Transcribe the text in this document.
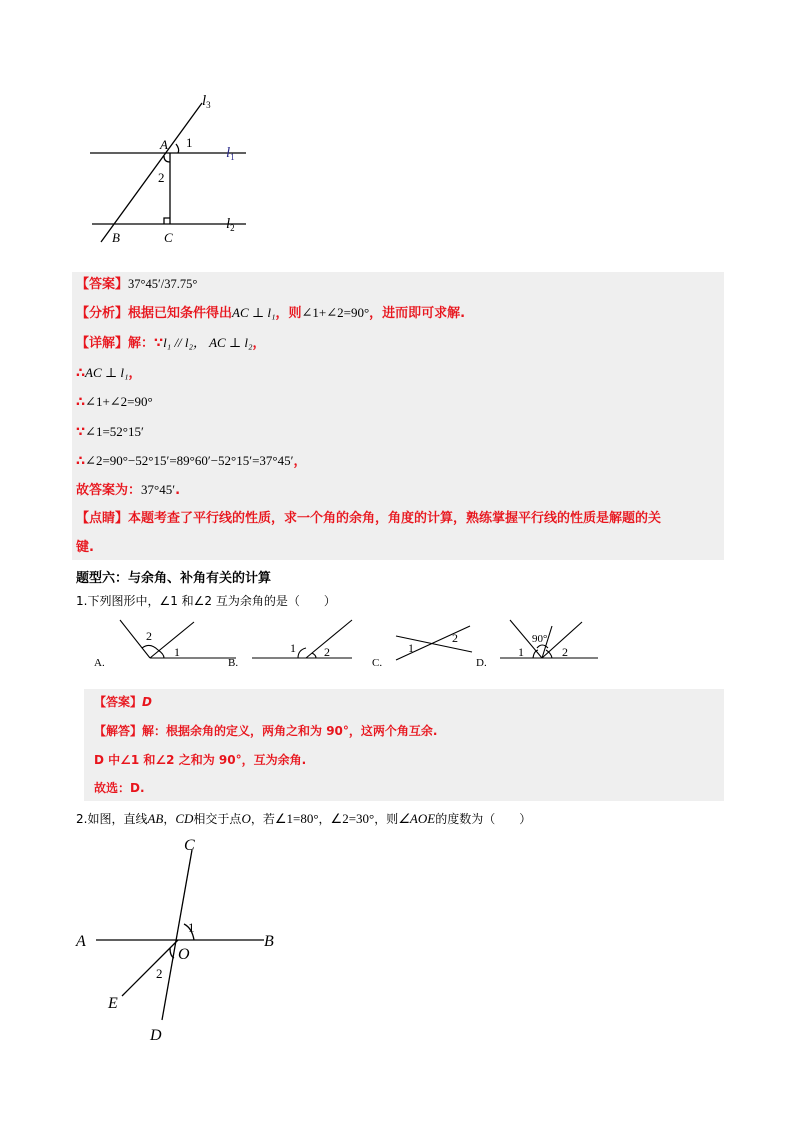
$l_3$
A 1
$l_1$
2
$l_2$
B	C
【答案】37°45′/37.75°
【分析】根据已知条件得出AC ⊥ l₁，则∠1+∠2=90°，进而即可求解.
【详解】解：∵l₁ // l₂， AC ⊥ l₂，
∴AC ⊥ l₁，
∴∠1+∠2=90°
∵∠1=52°15′
∴∠2=90°−52°15′=89°60′−52°15′=37°45′，
故答案为：37°45′.
【点睛】本题考查了平行线的性质，求一个角的余角，角度的计算，熟练掌握平行线的性质是解题的关
键.
题型六：与余角、补角有关的计算
1.下列图形中，∠1 和∠2 互为余角的是（　　）
2
1	1 2	1
2	90°
1	2
A.	B.	C.	D.
【答案】D
【解答】解：根据余角的定义，两角之和为 90°，这两个角互余.
D 中∠1 和∠2 之和为 90°，互为余角.
故选：D.
2.如图，直线AB，CD相交于点O，若∠1=80°，∠2=30°，则∠AOE的度数为（　　）
C
1
A	B
O
2
E
D
